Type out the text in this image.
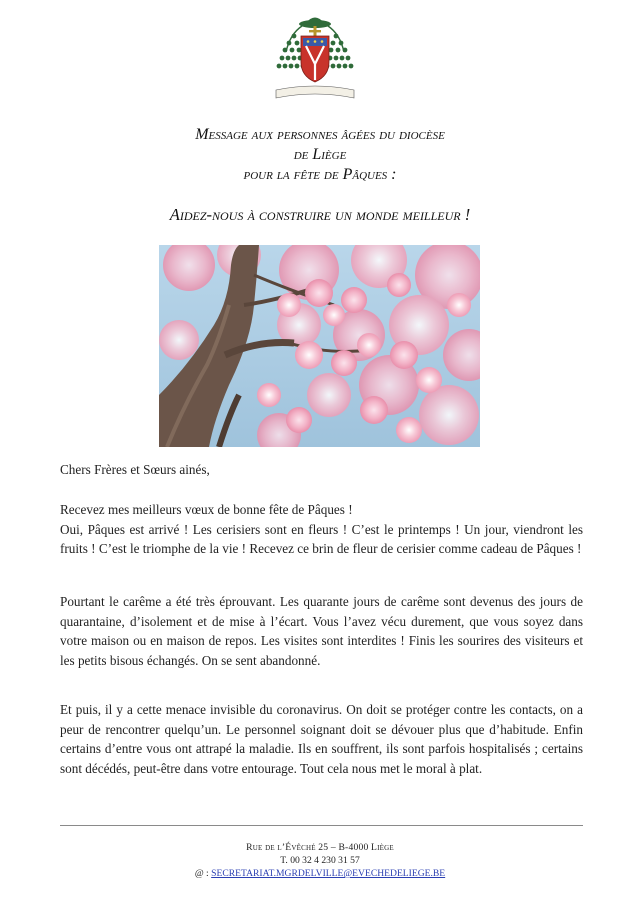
Message aux personnes âgées du diocèse
de Liège
pour la fête de Pâques :
Aidez-nous à construire un monde meilleur !
Chers Frères et Sœurs ainés,
Recevez mes meilleurs vœux de bonne fête de Pâques !
Oui, Pâques est arrivé ! Les cerisiers sont en fleurs ! C’est le printemps ! Un jour, viendront les fruits ! C’est le triomphe de la vie ! Recevez ce brin de fleur de cerisier comme cadeau de Pâques !
Pourtant le carême a été très éprouvant. Les quarante jours de carême sont devenus des jours de quarantaine, d’isolement et de mise à l’écart. Vous l’avez vécu durement, que vous soyez dans votre maison ou en maison de repos. Les visites sont interdites ! Finis les sourires des visiteurs et les petits bisous échangés. On se sent abandonné.
Et puis, il y a cette menace invisible du coronavirus. On doit se protéger contre les contacts, on a peur de rencontrer quelqu’un. Le personnel soignant doit se dévouer plus que d’habitude. Enfin certains d’entre vous ont attrapé la maladie. Ils en souffrent, ils sont parfois hospitalisés ; certains sont décédés, peut-être dans votre entourage. Tout cela nous met le moral à plat.
Rue de l’Évêché 25 – B-4000 Liège
T. 00 32 4 230 31 57
@ : SECRETARIAT.MGRDELVILLE@EVECHEDELIEGE.BE
